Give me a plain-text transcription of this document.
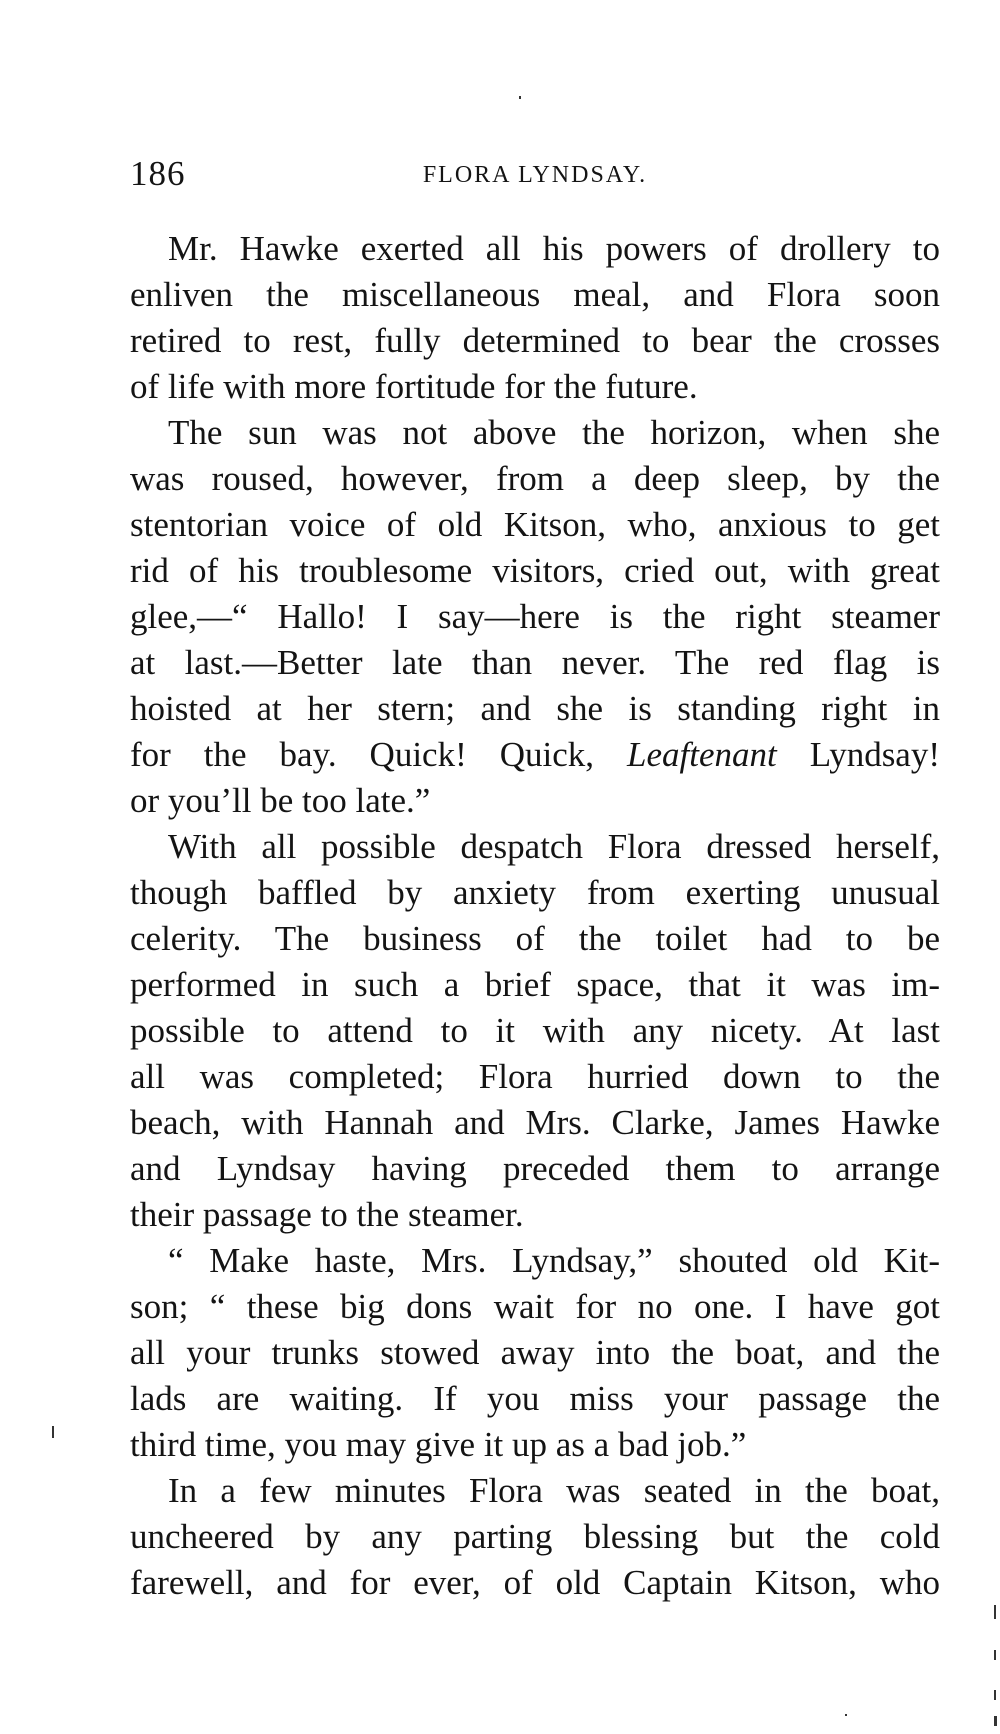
186	FLORA LYNDSAY.
Mr. Hawke exerted all his powers of drollery to
enliven the miscellaneous meal, and Flora soon
retired to rest, fully determined to bear the crosses
of life with more fortitude for the future.
The sun was not above the horizon, when she
was roused, however, from a deep sleep, by the
stentorian voice of old Kitson, who, anxious to get
rid of his troublesome visitors, cried out, with great
glee,—“ Hallo! I say—here is the right steamer
at last.—Better late than never. The red flag is
hoisted at her stern; and she is standing right in
for the bay. Quick! Quick, Leaftenant Lyndsay!
or you’ll be too late.”
With all possible despatch Flora dressed herself,
though baffled by anxiety from exerting unusual
celerity. The business of the toilet had to be
performed in such a brief space, that it was im-
possible to attend to it with any nicety. At last
all was completed; Flora hurried down to the
beach, with Hannah and Mrs. Clarke, James Hawke
and Lyndsay having preceded them to arrange
their passage to the steamer.
“ Make haste, Mrs. Lyndsay,” shouted old Kit-
son; “ these big dons wait for no one. I have got
all your trunks stowed away into the boat, and the
lads are waiting. If you miss your passage the
third time, you may give it up as a bad job.”
In a few minutes Flora was seated in the boat,
uncheered by any parting blessing but the cold
farewell, and for ever, of old Captain Kitson, who
